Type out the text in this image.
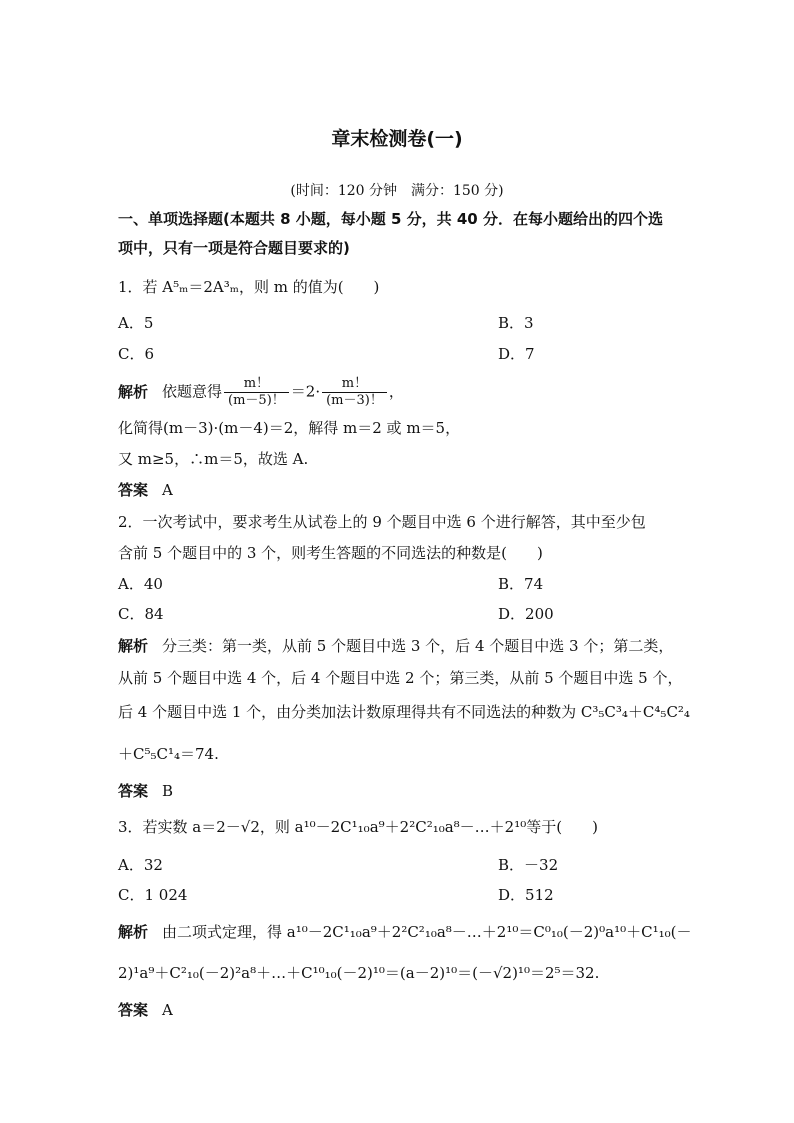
章末检测卷(一)
(时间：120 分钟　满分：150 分)
一、单项选择题(本题共 8 小题，每小题 5 分，共 40 分．在每小题给出的四个选
项中，只有一项是符合题目要求的)
1．若 A⁵ₘ＝2A³ₘ，则 m 的值为(　　)
A．5	B．3
C．6	D．7
解析 依题意得 $\frac{m!}{(m-5)!} =2\cdot \frac{m!}{(m-3)!}$ ，
化简得(m－3)·(m－4)＝2，解得 m＝2 或 m＝5，
又 m≥5，∴m＝5，故选 A.
答案 A
2．一次考试中，要求考生从试卷上的 9 个题目中选 6 个进行解答，其中至少包
含前 5 个题目中的 3 个，则考生答题的不同选法的种数是(　　)
A．40	B．74
C．84	D．200
解析 分三类：第一类，从前 5 个题目中选 3 个，后 4 个题目中选 3 个；第二类，
从前 5 个题目中选 4 个，后 4 个题目中选 2 个；第三类，从前 5 个题目中选 5 个，
后 4 个题目中选 1 个，由分类加法计数原理得共有不同选法的种数为 C³₅C³₄＋C⁴₅C²₄
＋C⁵₅C¹₄＝74.
答案 B
3．若实数 a＝2－√2，则 a¹⁰－2C¹₁₀a⁹＋2²C²₁₀a⁸－…＋2¹⁰等于(　　)
A．32	B．－32
C．1 024	D．512
解析 由二项式定理，得 a¹⁰－2C¹₁₀a⁹＋2²C²₁₀a⁸－…＋2¹⁰＝C⁰₁₀(－2)⁰a¹⁰＋C¹₁₀(－
2)¹a⁹＋C²₁₀(－2)²a⁸＋…＋C¹⁰₁₀(－2)¹⁰＝(a－2)¹⁰＝(－√2)¹⁰＝2⁵＝32.
答案 A
